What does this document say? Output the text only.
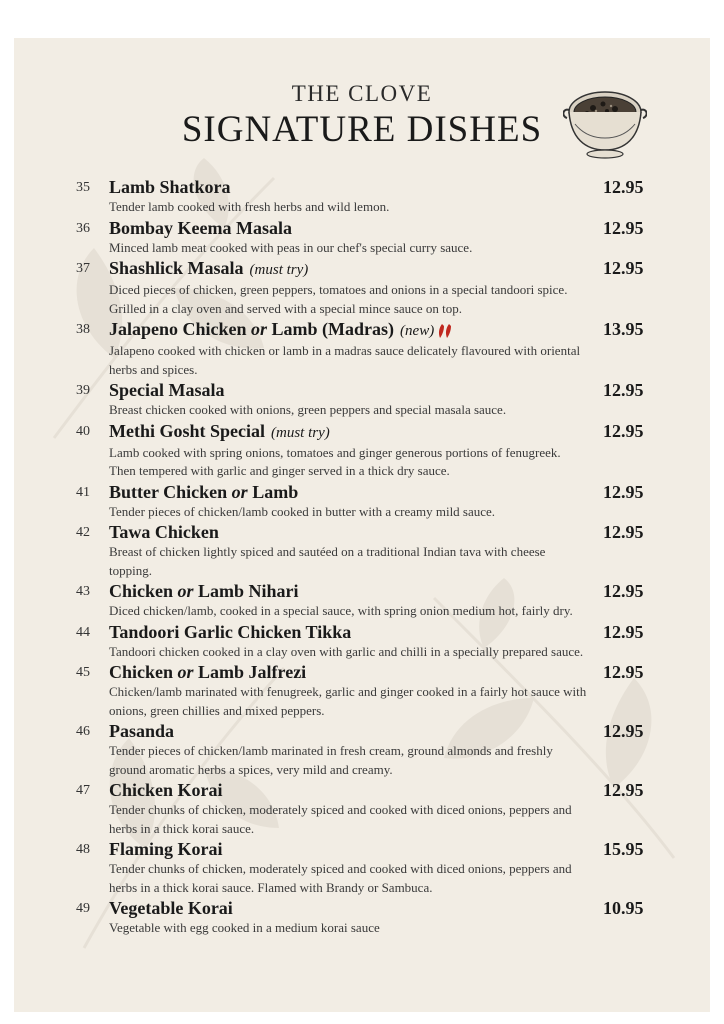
THE CLOVE
SIGNATURE DISHES
35	Lamb Shatkora	12.95
Tender lamb cooked with fresh herbs and wild lemon.
36	Bombay Keema Masala	12.95
Minced lamb meat cooked with peas in our chef's special curry sauce.
37	Shashlick Masala (must try)	12.95
Diced pieces of chicken, green peppers, tomatoes and onions in a special tandoori spice. Grilled in a clay oven and served with a special mince sauce on top.
38	Jalapeno Chicken or Lamb (Madras) (new)	13.95
Jalapeno cooked with chicken or lamb in a madras sauce delicately flavoured with oriental herbs and spices.
39	Special Masala	12.95
Breast chicken cooked with onions, green peppers and special masala sauce.
40	Methi Gosht Special (must try)	12.95
Lamb cooked with spring onions, tomatoes and ginger generous portions of fenugreek. Then tempered with garlic and ginger served in a thick dry sauce.
41	Butter Chicken or Lamb	12.95
Tender pieces of chicken/lamb cooked in butter with a creamy mild sauce.
42	Tawa Chicken	12.95
Breast of chicken lightly spiced and sautéed on a traditional Indian tava with cheese topping.
43	Chicken or Lamb Nihari	12.95
Diced chicken/lamb, cooked in a special sauce, with spring onion medium hot, fairly dry.
44	Tandoori Garlic Chicken Tikka	12.95
Tandoori chicken cooked in a clay oven with garlic and chilli in a specially prepared sauce.
45	Chicken or Lamb Jalfrezi	12.95
Chicken/lamb marinated with fenugreek, garlic and ginger cooked in a fairly hot sauce with onions, green chillies and mixed peppers.
46	Pasanda	12.95
Tender pieces of chicken/lamb marinated in fresh cream, ground almonds and freshly ground aromatic herbs a spices, very mild and creamy.
47	Chicken Korai	12.95
Tender chunks of chicken, moderately spiced and cooked with diced onions, peppers and herbs in a thick korai sauce.
48	Flaming Korai	15.95
Tender chunks of chicken, moderately spiced and cooked with diced onions, peppers and herbs in a thick korai sauce. Flamed with Brandy or Sambuca.
49	Vegetable Korai	10.95
Vegetable with egg cooked in a medium korai sauce
